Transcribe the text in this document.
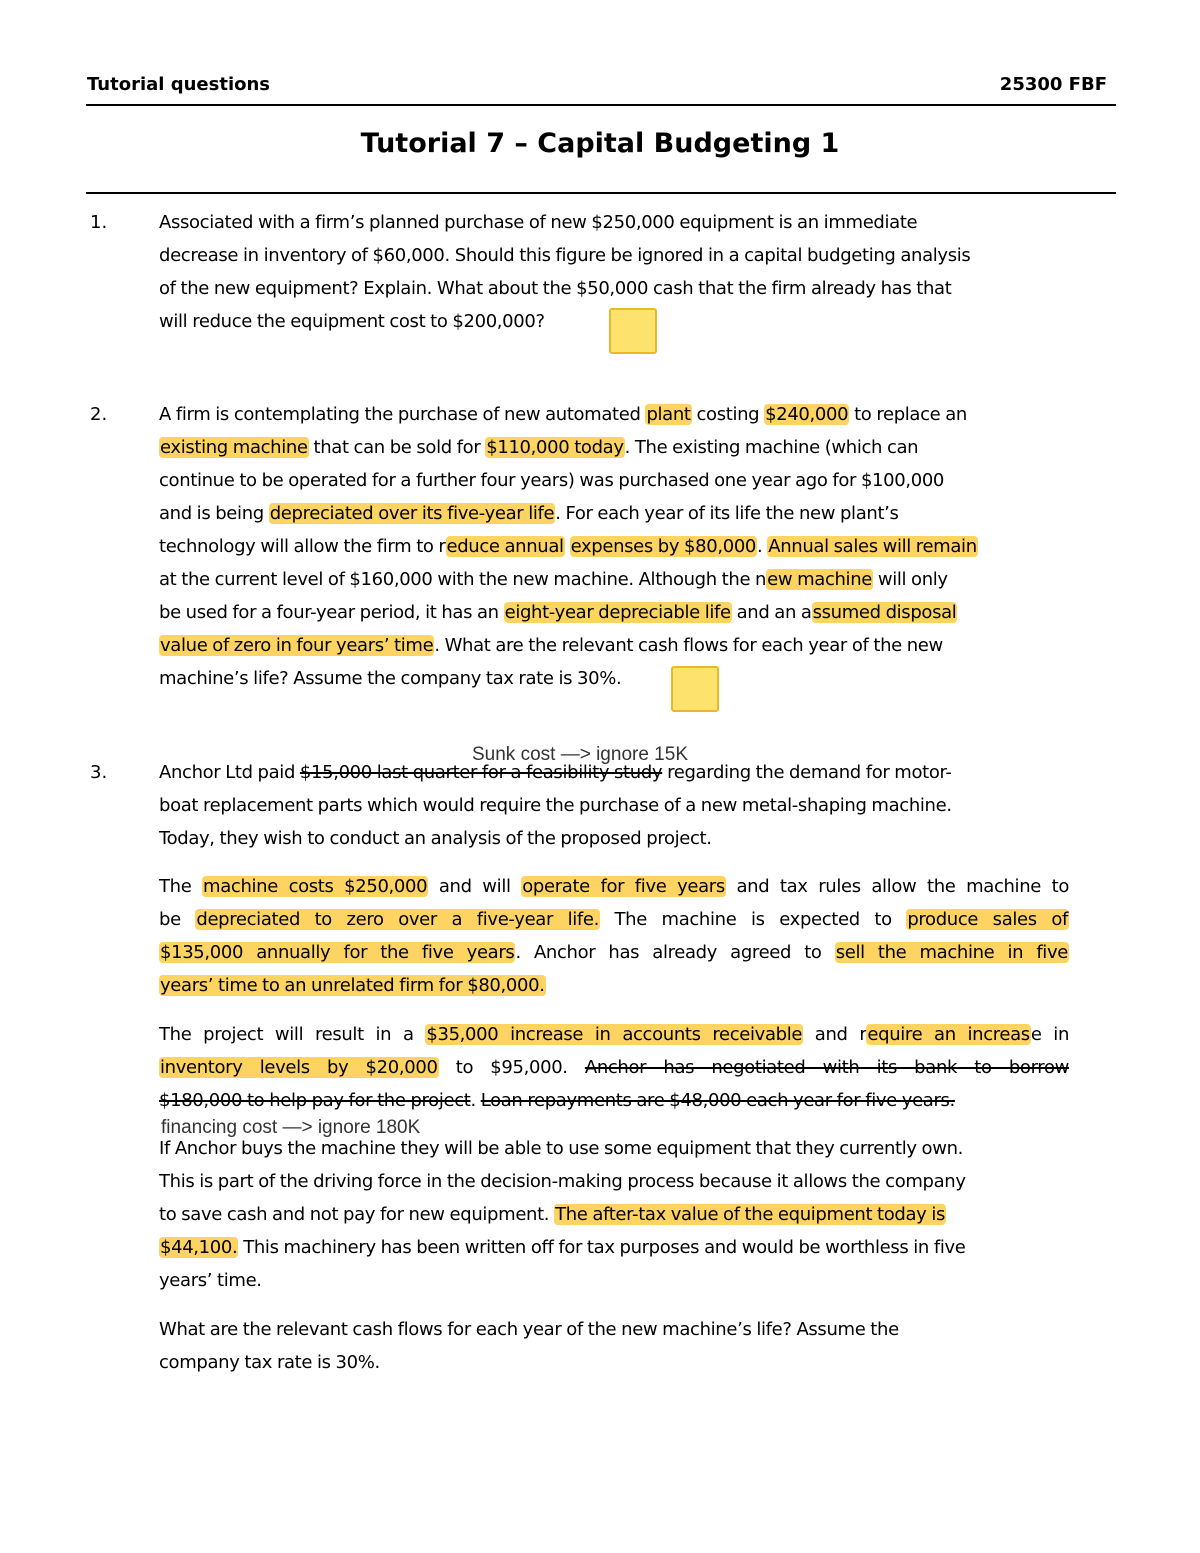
Tutorial questions	25300 FBF
Tutorial 7 – Capital Budgeting 1
1.	Associated with a firm’s planned purchase of new $250,000 equipment is an immediate
decrease in inventory of $60,000. Should this figure be ignored in a capital budgeting analysis
of the new equipment? Explain. What about the $50,000 cash that the firm already has that
will reduce the equipment cost to $200,000?
2.	A firm is contemplating the purchase of new automated plant costing $240,000 to replace an
existing machine that can be sold for $110,000 today. The existing machine (which can
continue to be operated for a further four years) was purchased one year ago for $100,000
and is being depreciated over its five-year life. For each year of its life the new plant’s
technology will allow the firm to reduce annual expenses by $80,000. Annual sales will remain
at the current level of $160,000 with the new machine. Although the new machine will only
be used for a four-year period, it has an eight-year depreciable life and an assumed disposal
value of zero in four years’ time. What are the relevant cash flows for each year of the new
machine’s life? Assume the company tax rate is 30%.
Sunk cost —> ignore 15K
3.	Anchor Ltd paid $15,000 last quarter for a feasibility study regarding the demand for motor-
boat replacement parts which would require the purchase of a new metal-shaping machine.
Today, they wish to conduct an analysis of the proposed project.
The machine costs $250,000 and will operate for five years and tax rules allow the machine to
be depreciated to zero over a five-year life. The machine is expected to produce sales of
$135,000 annually for the five years. Anchor has already agreed to sell the machine in five
years’ time to an unrelated firm for $80,000.
The project will result in a $35,000 increase in accounts receivable and require an increase in
inventory levels by $20,000 to $95,000. Anchor has negotiated with its bank to borrow
$180,000 to help pay for the project. Loan repayments are $48,000 each year for five years.
financing cost —> ignore 180K
If Anchor buys the machine they will be able to use some equipment that they currently own.
This is part of the driving force in the decision-making process because it allows the company
to save cash and not pay for new equipment. The after-tax value of the equipment today is
$44,100. This machinery has been written off for tax purposes and would be worthless in five
years’ time.
What are the relevant cash flows for each year of the new machine’s life? Assume the
company tax rate is 30%.
